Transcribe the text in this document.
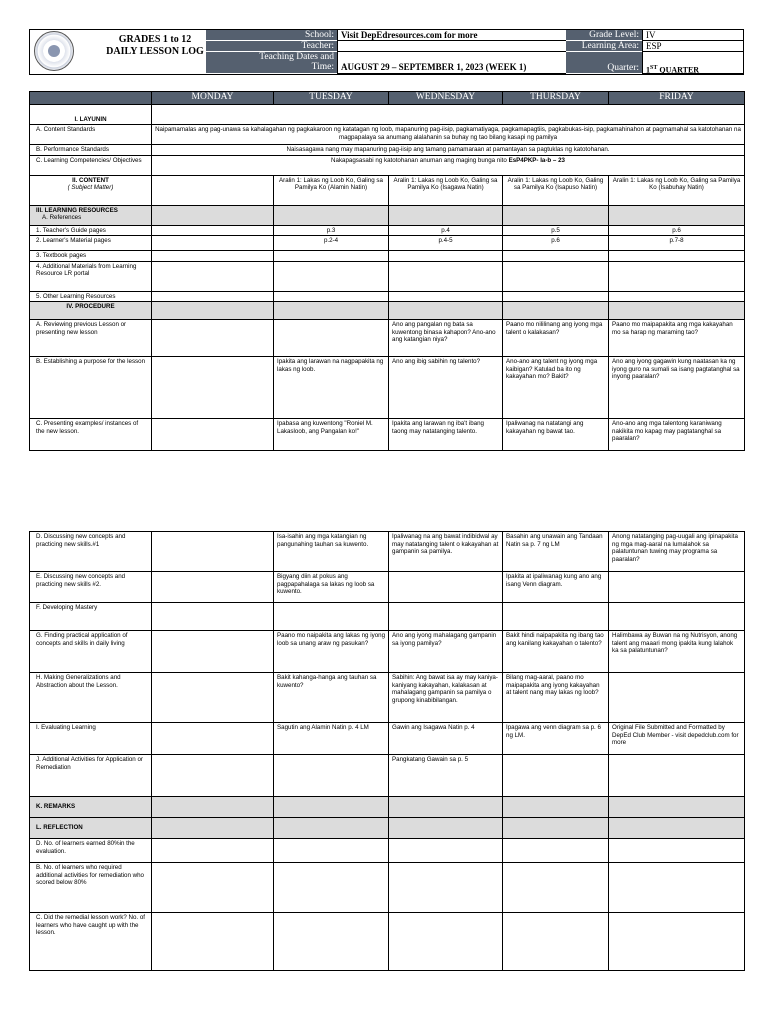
GRADES 1 to 12
DAILY LESSON LOG
School: Visit DepEdresources.com for more
Teacher:
Teaching Dates and
Time: AUGUST 29 – SEPTEMBER 1, 2023 (WEEK 1)
Grade Level: IV
Learning Area: ESP
Quarter: 1ST QUARTER
	MONDAY	TUESDAY	WEDNESDAY	THURSDAY	FRIDAY
I. LAYUNIN					
A. Content Standards	Naipamamalas ang pag-unawa sa kahalagahan ng pagkakaroon ng katatagan ng loob, mapanuring pag-iisip, pagkamatiyaga, pagkamapagtiis, pagkabukas-isip, pagkamahinahon at pagmamahal sa katotohanan na magpapalaya sa anumang alalahanin sa buhay ng tao bilang kasapi ng pamilya				
B. Performance Standards	Naisasagawa nang may mapanuring pag-iisip ang tamang pamamaraan at pamantayan sa pagtuklas ng katotohanan.				
C. Learning Competencies/ Objectives	Nakapagsasabi ng katotohanan anuman ang maging bunga nito EsP4PKP- Ia-b – 23				

II. CONTENT
( Subject Matter)		Aralin 1: Lakas ng Loob Ko, Galing sa Pamilya Ko (Alamin Natin)	Aralin 1: Lakas ng Loob Ko, Galing sa Pamilya Ko (Isagawa Natin)	Aralin 1: Lakas ng Loob Ko, Galing sa Pamilya Ko (Isapuso Natin)	Aralin 1: Lakas ng Loob Ko, Galing sa Pamilya Ko (Isabuhay Natin)

III. LEARNING RESOURCES
A. References					

1. Teacher's Guide pages		p.3	p.4	p.5	p.6
2. Learner's Material pages		p.2-4	p.4-5	p.6	p.7-8
3. Textbook pages					
4. Additional Materials from Learning Resource LR portal					
5. Other Learning Resources					
IV. PROCEDURE					
A. Reviewing previous Lesson or presenting new lesson			Ano ang pangalan ng bata sa kuwentong binasa kahapon? Ano-ano ang katangian niya?	Paano mo nililinang ang iyong mga talent o kalakasan?	Paano mo maipapakita ang mga kakayahan mo sa harap ng maraming tao?
B. Establishing a purpose for the lesson		Ipakita ang larawan na nagpapakita ng lakas ng loob.	Ano ang ibig sabihin ng talento?	Ano-ano ang talent ng iyong mga kaibigan? Katulad ba ito ng kakayahan mo? Bakit?	Ano ang iyong gagawin kung naatasan ka ng iyong guro na sumali sa isang pagtatanghal sa inyong paaralan?
C. Presenting examples/ instances of the new lesson.		Ipabasa ang kuwentong "Roniel M. Lakasloob, ang Pangalan ko!"	Ipakita ang larawan ng iba't ibang taong may natatanging talento.	Ipaliwanag na natatangi ang kakayahan ng bawat tao.	Ano-ano ang mga talentong karaniwang nakikita mo kapag may pagtatanghal sa paaralan?
D. Discussing new concepts and practicing new skills.#1		Isa-isahin ang mga katangian ng pangunahing tauhan sa kuwento.	Ipaliwanag na ang bawat indibidwal ay may natatanging talent o kakayahan at gampanin sa pamilya.	Basahin ang unawain ang Tandaan Natin sa p. 7 ng LM	Anong natatanging pag-uugali ang ipinapakita ng mga mag-aaral na lumalahok sa palatuntunan tuwing may programa sa paaralan?
E. Discussing new concepts and practicing new skills #2.		Bigyang diin at pokus ang pagpapahalaga sa lakas ng loob sa kuwento.		Ipakita at ipaliwanag kung ano ang isang Venn diagram.	
F. Developing Mastery					
G. Finding practical application of concepts and skills in daily living		Paano mo naipakita ang lakas ng iyong loob sa unang araw ng pasukan?	Ano ang iyong mahalagang gampanin sa iyong pamilya?	Bakit hindi naipapakita ng ibang tao ang kanilang kakayahan o talento?	Halimbawa ay Buwan na ng Nutrisyon, anong talent ang maaari mong ipakita kung lalahok ka sa palatuntunan?
H. Making Generalizations and Abstraction about the Lesson.		Bakit kahanga-hanga ang tauhan sa kuwento?	Sabihin: Ang bawat isa ay may kaniya-kaniyang kakayahan, kalakasan at mahalagang gampanin sa pamilya o grupong kinabibilangan.	Bilang mag-aaral, paano mo maipapakita ang iyong kakayahan at talent nang may lakas ng loob?	
I. Evaluating Learning		Sagutin ang Alamin Natin p. 4 LM	Gawin ang Isagawa Natin p. 4	Ipagawa ang venn diagram sa p. 6 ng LM.	Original File Submitted and Formatted by DepEd Club Member - visit depedclub.com for more
J. Additional Activities for Application or Remediation			Pangkatang Gawain sa p. 5		
K. REMARKS					
L. REFLECTION					
D. No. of learners earned 80%in the evaluation.					
B. No. of learners who required additional activities for remediation who scored below 80%					
C. Did the remedial lesson work? No. of learners who have caught up with the lesson.					
